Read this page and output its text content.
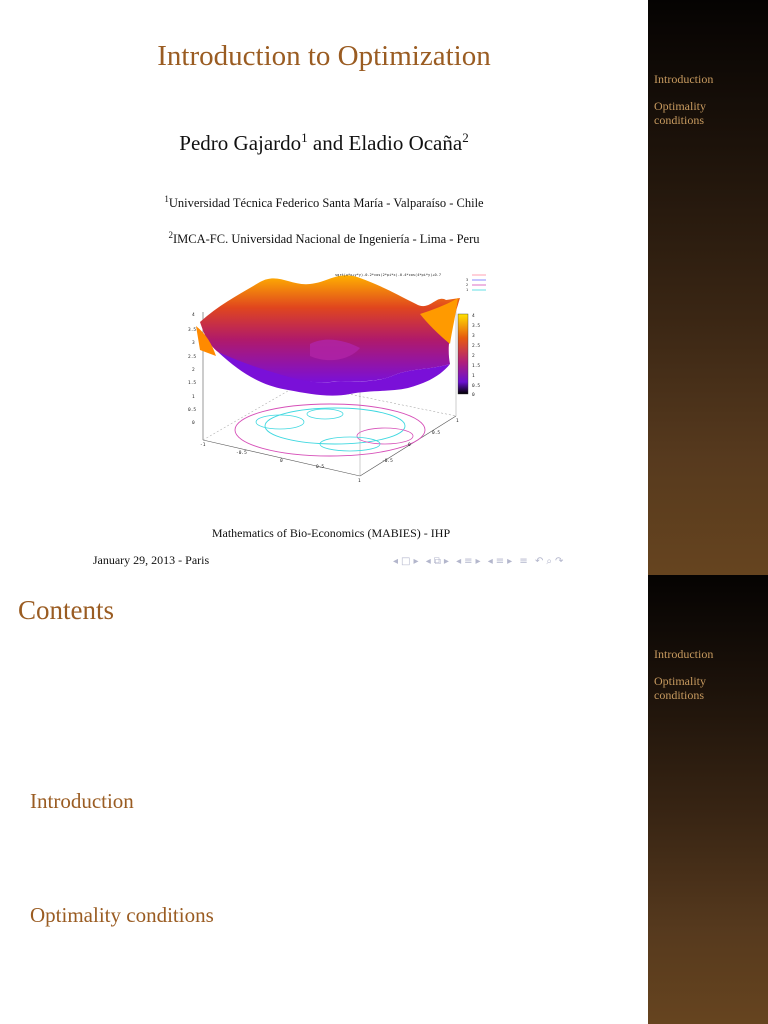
Introduction to Optimization
Pedro Gajardo$^1$ and Eladio Ocaña$^2$
$^1$Universidad Técnica Federico Santa María - Valparaíso - Chile
$^2$IMCA-FC. Universidad Nacional de Ingeniería - Lima - Peru
4
3.5
3
2.5
2
1.5
1
0.5
0
-1
-0.5
0
0.5
1
-0.5
0
0.5
1
sqrt(x*x+y*y)-0.2*cos(2*pi*x)-0.4*cos(4*pi*y)+0.7
3
2
1
4
3.5
3
2.5
2
1.5
1
0.5
0
Mathematics of Bio-Economics (MABIES) - IHP
January 29, 2013 - Paris	◂ □ ▸ ◂ ⧉ ▸ ◂ ≡ ▸ ◂ ≡ ▸ ≡ ↶ ⌕ ↷
Introduction
Optimality conditions
Contents
Introduction
Optimality conditions
Introduction
Optimality conditions
